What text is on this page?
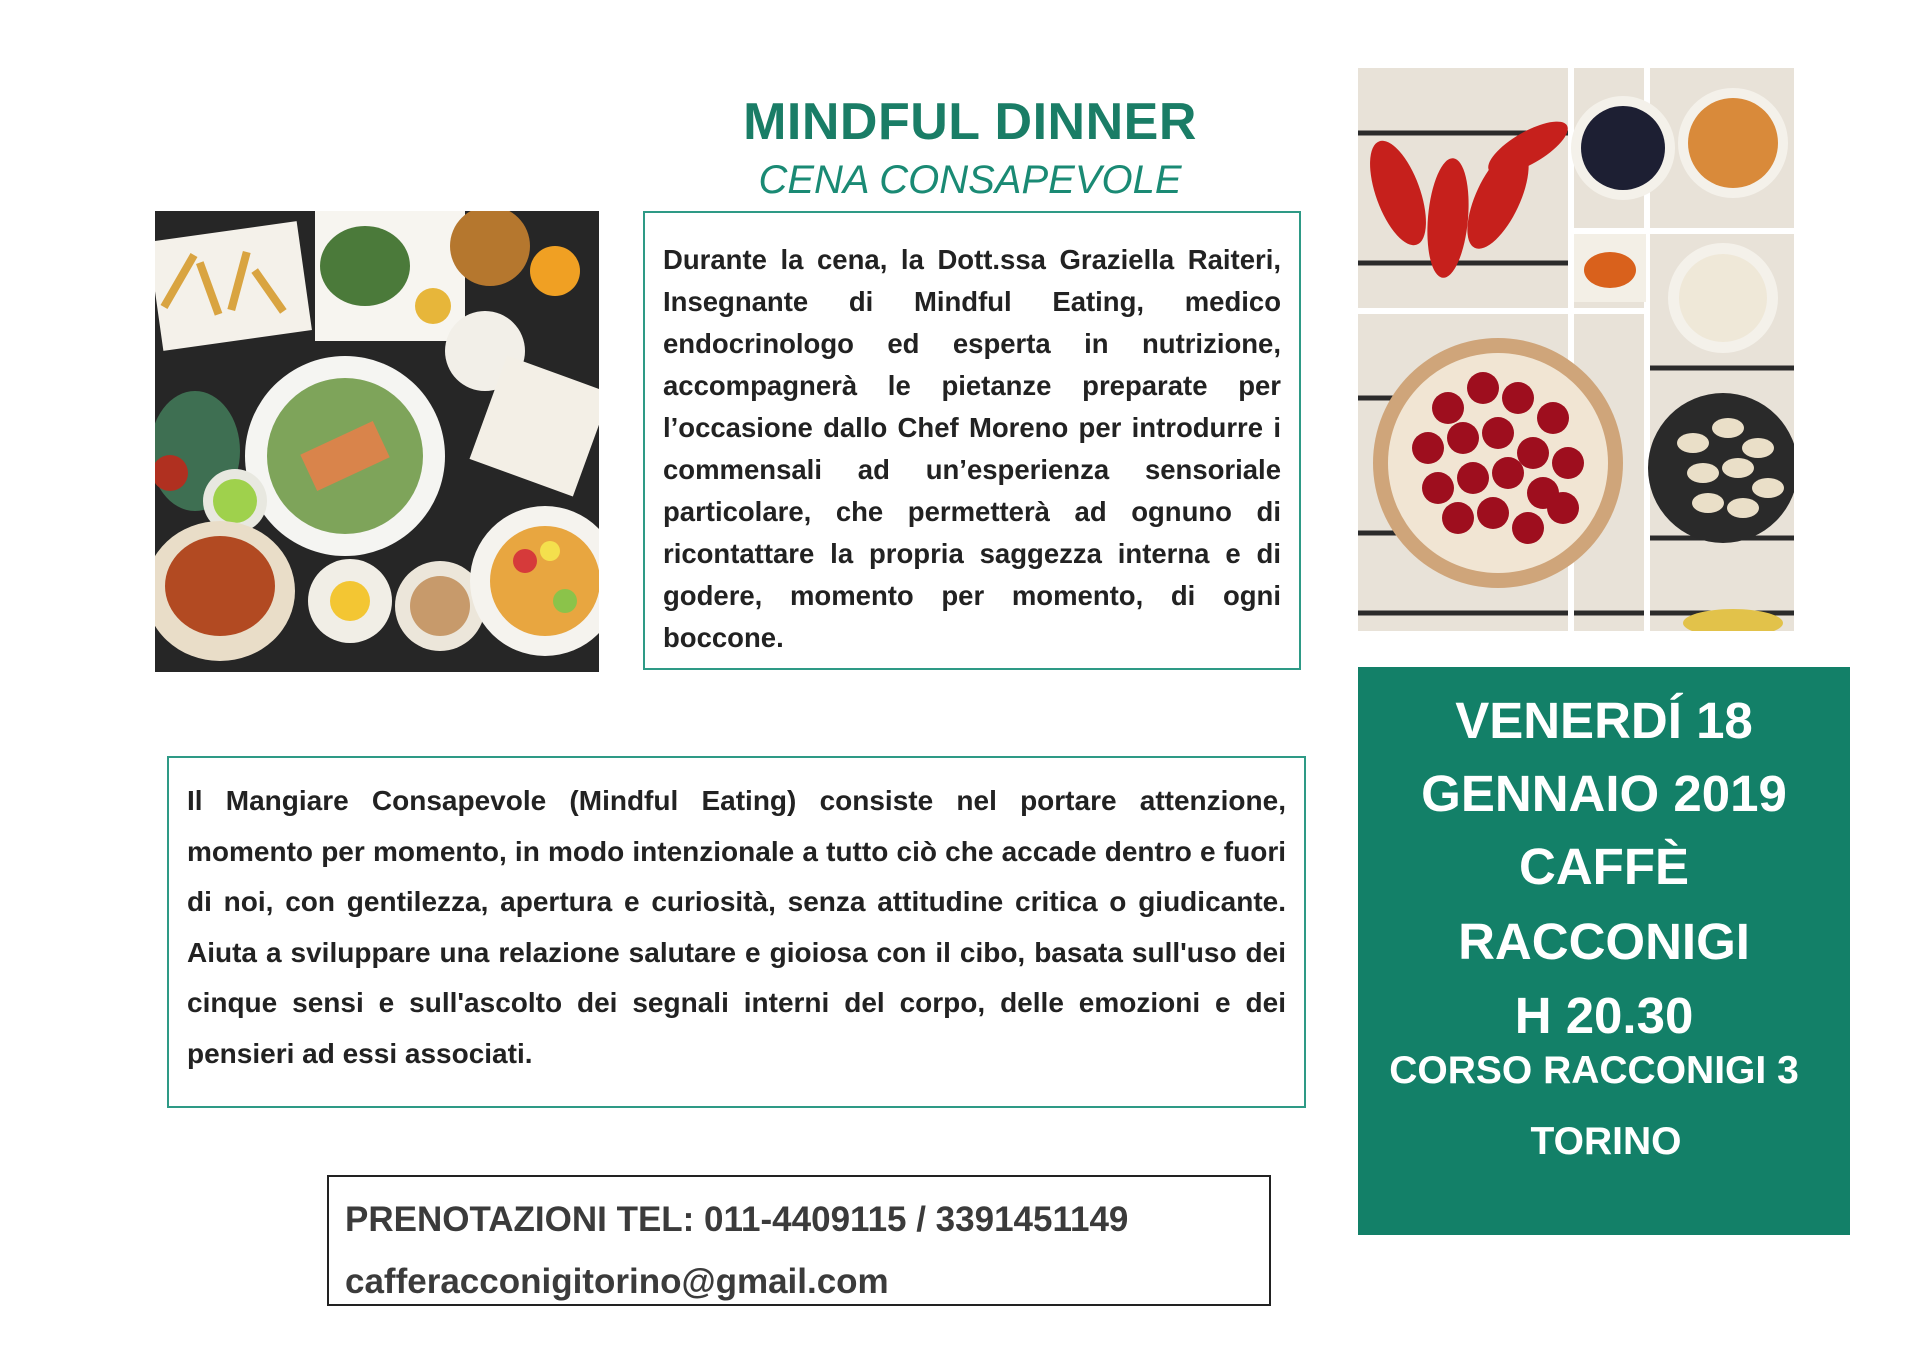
MINDFUL DINNER
CENA CONSAPEVOLE
Durante la cena, la Dott.ssa Graziella Raiteri, Insegnante di Mindful Eating, medico endocrinologo ed esperta in nutrizione, accompagnerà le pietanze preparate per l’occasione dallo Chef Moreno per introdurre i commensali ad un’esperienza sensoriale particolare, che permetterà ad ognuno di ricontattare la propria saggezza interna e di godere, momento per momento, di ogni boccone.
Il Mangiare Consapevole (Mindful Eating) consiste nel portare attenzione, momento per momento, in modo intenzionale a tutto ciò che accade dentro e fuori di noi, con gentilezza, apertura e curiosità, senza attitudine critica o giudicante. Aiuta a sviluppare una relazione salutare e gioiosa con il cibo, basata sull'uso dei cinque sensi e sull'ascolto dei segnali interni del corpo, delle emozioni e dei pensieri ad essi associati.
VENERDÍ 18
GENNAIO 2019
CAFFÈ
RACCONIGI
H 20.30
CORSO RACCONIGI 3
TORINO
PRENOTAZIONI TEL: 011-4409115 / 3391451149
cafferacconigitorino@gmail.com
